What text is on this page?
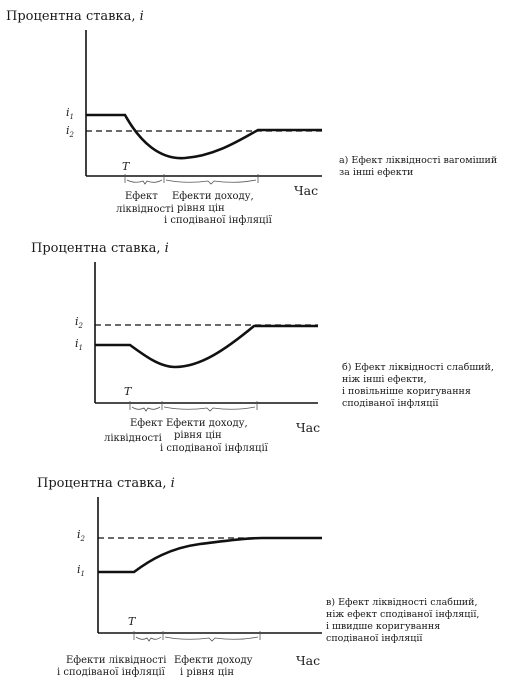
Процентна ставка, i
$i_1$
$i_2$
T
Ефект
ліквідності
Ефекти доходу,
рівня цін
і сподіваної інфляції
Час
а) Ефект ліквідності вагоміший
за інші ефекти
Процентна ставка, i
$i_2$
$i_1$
T
Ефект
ліквідності
Ефекти доходу,
рівня цін
і сподіваної інфляції
Час
б) Ефект ліквідності слабший,
ніж інші ефекти,
і повільніше коригування
сподіваної інфляції
Процентна ставка, i
$i_2$
$i_1$
T
Ефекти ліквідності
і сподіваної інфляції
Ефекти доходу
і рівня цін
Час
в) Ефект ліквідності слабший,
ніж ефект сподіваної інфляції,
і швидше коригування
сподіваної інфляції
